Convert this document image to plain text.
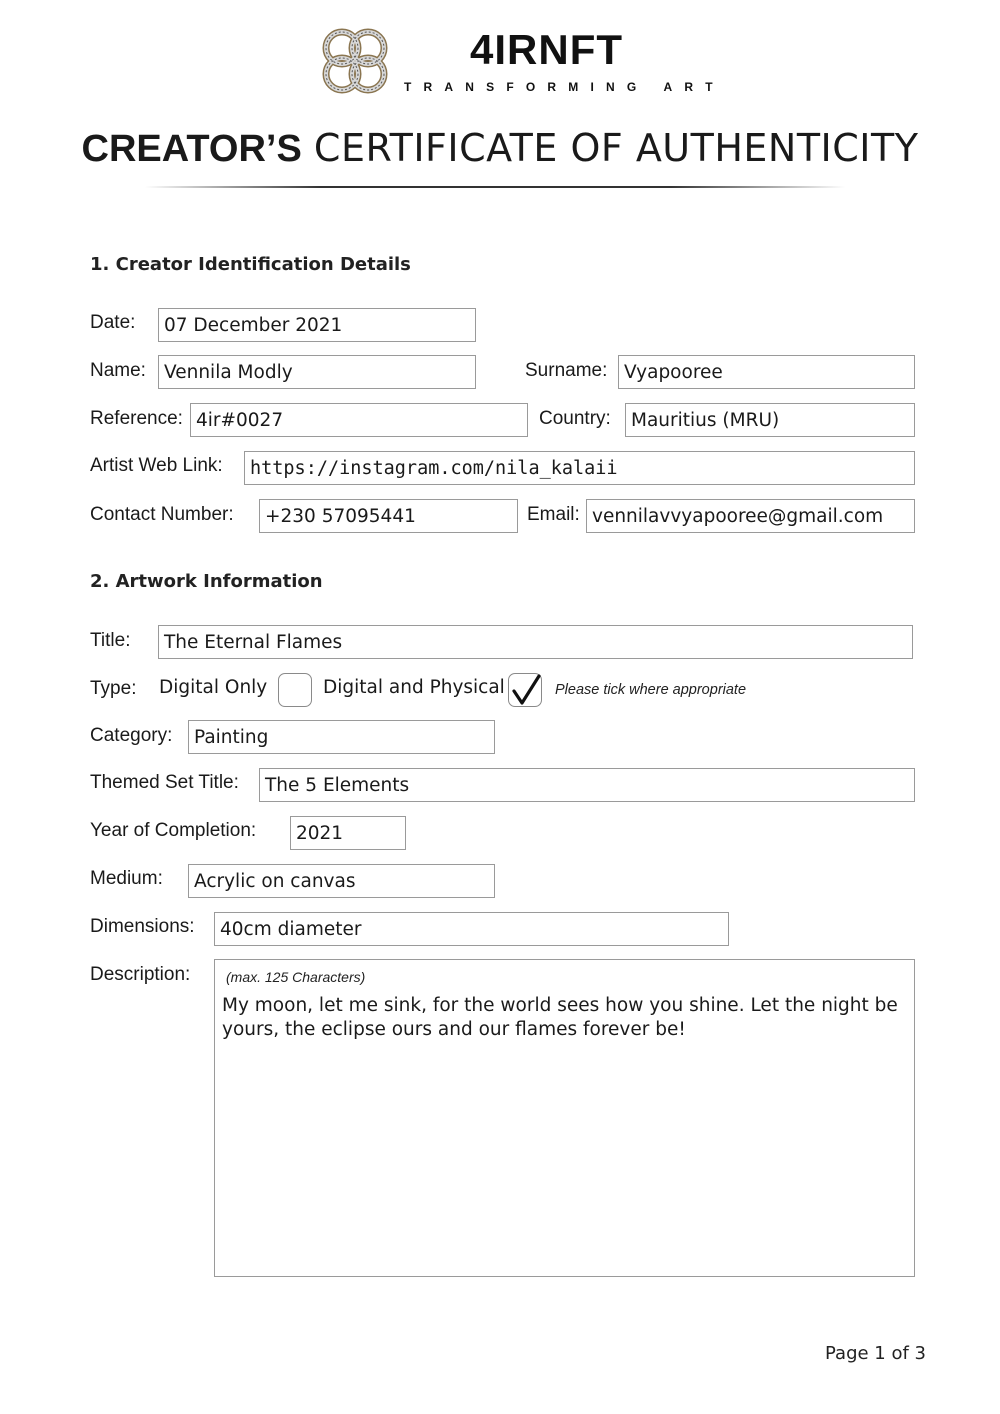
4IRNFT
TRANSFORMING ART
CREATOR’S CERTIFICATE OF AUTHENTICITY
1. Creator Identification Details
Date:	07 December 2021
Name: Vennila Modly	Surname: Vyapooree
Reference: 4ir#0027	Country:	Mauritius (MRU)
Artist Web Link:	https://instagram.com/nila_kalaii
Contact Number:	+230 57095441	Email: vennilavvyapooree@gmail.com
2. Artwork Information
Title:	The Eternal Flames
Type: Digital Only	Digital and Physical	Please tick where appropriate
Category:	Painting
Themed Set Title:	The 5 Elements
Year of Completion:	2021
Medium:	Acrylic on canvas
Dimensions:	40cm diameter
Description:	(max. 125 Characters)
My moon, let me sink, for the world sees how you shine. Let the night be yours, the eclipse ours and our flames forever be!
Page 1 of 3
